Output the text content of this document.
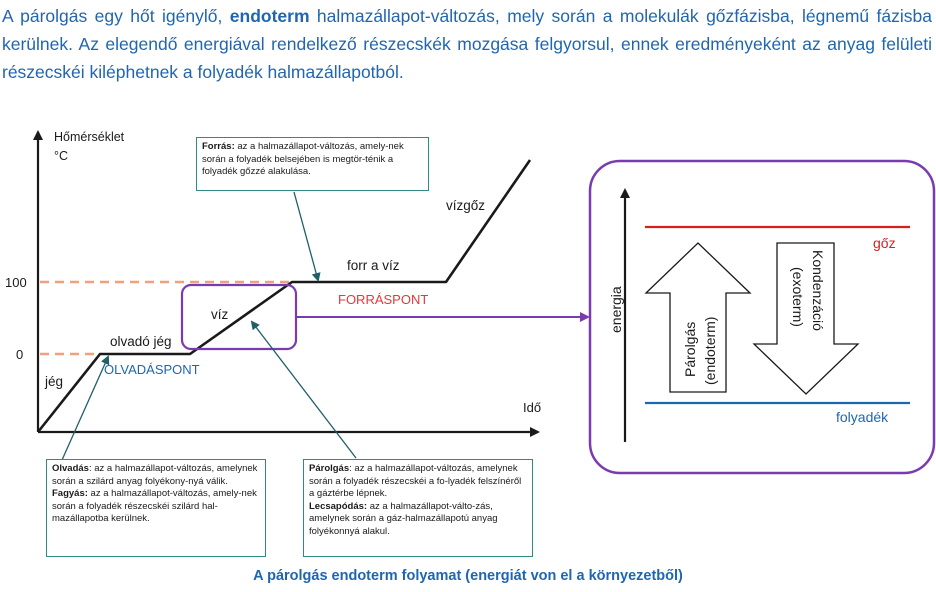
A párolgás egy hőt igénylő, endoterm halmazállapot-változás, mely során a molekulák gőzfázisba, légnemű fázisba kerülnek. Az elegendő energiával rendelkező részecskék mozgása felgyorsul, ennek eredményeként az anyag felületi részecskéi kiléphetnek a folyadék halmazállapotból.
Hőmérséklet
°C
Idő
100
0
jég
olvadó jég
víz
forr a víz
vízgőz
OLVADÁSPONT
FORRÁSPONT	energia
gőz
folyadék
Párolgás (endoterm)
Kondenzáció
(exoterm)
Forrás: az a halmazállapot-változás, amely-nek során a folyadék belsejében is megtör-ténik a folyadék gőzzé alakulása.
Olvadás: az a halmazállapot-változás, amelynek során a szilárd anyag folyékony-nyá válik.
Fagyás: az a halmazállapot-változás, amely-nek során a folyadék részecskéi szilárd hal-mazállapotba kerülnek.
Párolgás: az a halmazállapot-változás, amelynek során a folyadék részecskéi a fo-lyadék felszínéről a gáztérbe lépnek.
Lecsapódás: az a halmazállapot-válto-zás, amelynek során a gáz-halmazállapotú anyag folyékonnyá alakul.
A párolgás endoterm folyamat (energiát von el a környezetből)
